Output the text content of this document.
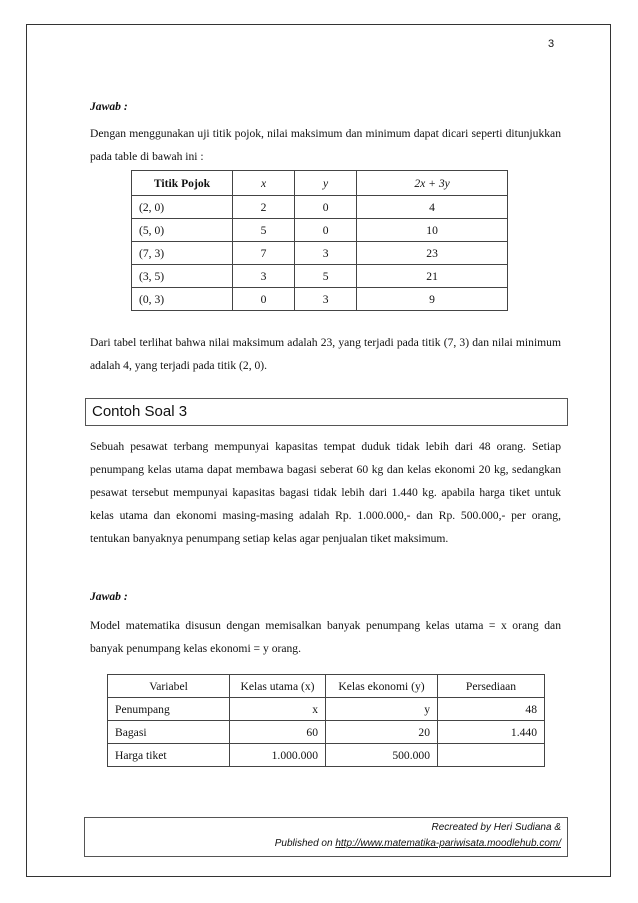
3
Jawab :
Dengan menggunakan uji titik pojok, nilai maksimum dan minimum dapat dicari seperti ditunjukkan pada table di bawah ini :
Titik Pojok	x	y	2x + 3y
(2, 0)	2	0	4
(5, 0)	5	0	10
(7, 3)	7	3	23
(3, 5)	3	5	21
(0, 3)	0	3	9
Dari tabel terlihat bahwa nilai maksimum adalah 23, yang terjadi pada titik (7, 3) dan nilai minimum adalah 4, yang terjadi pada titik (2, 0).
Contoh Soal 3
Sebuah pesawat terbang mempunyai kapasitas tempat duduk tidak lebih dari 48 orang. Setiap penumpang kelas utama dapat membawa bagasi seberat 60 kg dan kelas ekonomi 20 kg, sedangkan pesawat tersebut mempunyai kapasitas bagasi tidak lebih dari 1.440 kg. apabila harga tiket untuk kelas utama dan ekonomi masing-masing adalah Rp. 1.000.000,- dan Rp. 500.000,- per orang, tentukan banyaknya penumpang setiap kelas agar penjualan tiket maksimum.
Jawab :
Model matematika disusun dengan memisalkan banyak penumpang kelas utama = x orang dan banyak penumpang kelas ekonomi = y orang.
Variabel	Kelas utama (x)	Kelas ekonomi (y)	Persediaan
Penumpang	x	y	48
Bagasi	60	20	1.440
Harga tiket	1.000.000	500.000	
Recreated by Heri Sudiana &
Published on http://www.matematika-pariwisata.moodlehub.com/
